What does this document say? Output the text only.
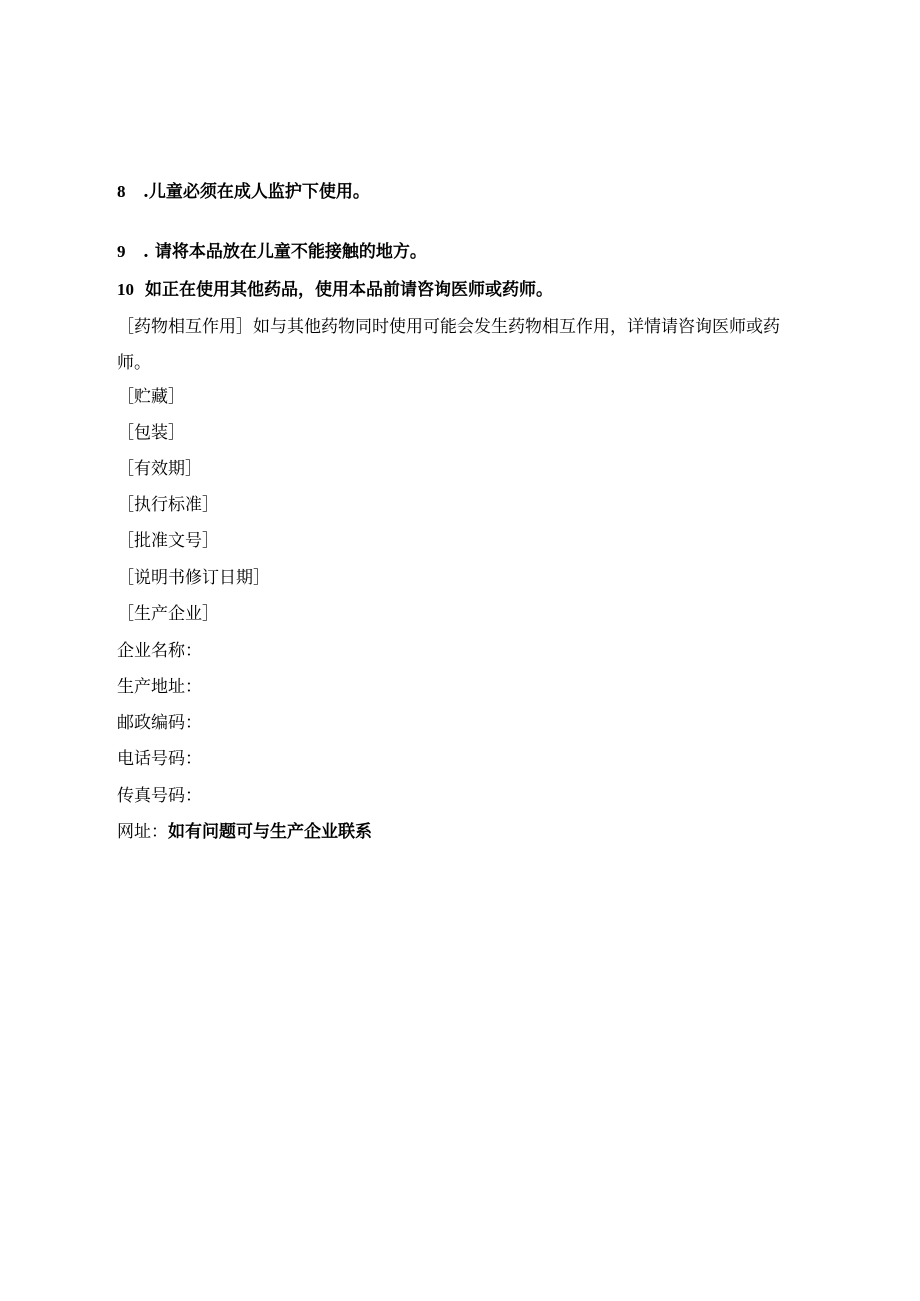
8 .儿童必须在成人监护下使用。
9 . 请将本品放在儿童不能接触的地方。
10 如正在使用其他药品，使用本品前请咨询医师或药师。
［药物相互作用］如与其他药物同时使用可能会发生药物相互作用，详情请咨询医师或药师。
［贮藏］
［包装］
［有效期］
［执行标准］
［批准文号］
［说明书修订日期］
［生产企业］
企业名称：
生产地址：
邮政编码：
电话号码：
传真号码：
网址：如有问题可与生产企业联系
